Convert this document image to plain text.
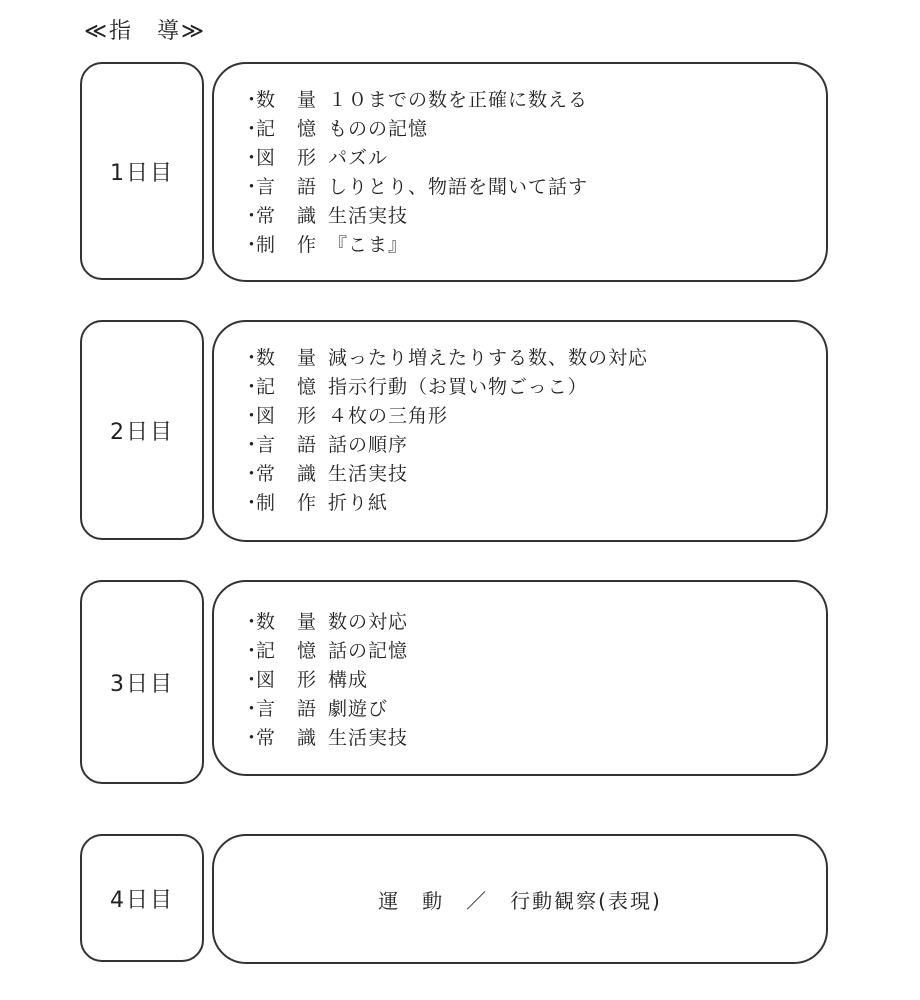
≪指　導≫
1日目
・
数量
１０までの数を正確に数える
・
記憶
ものの記憶
・
図形
パズル
・
言語
しりとり、物語を聞いて話す
・
常識
生活実技
・
制作
『こま』
2日目
・
数量
減ったり増えたりする数、数の対応
・
記憶
指示行動（お買い物ごっこ）
・
図形
４枚の三角形
・
言語
話の順序
・
常識
生活実技
・
制作
折り紙
3日目
・
数量
数の対応
・
記憶
話の記憶
・
図形
構成
・
言語
劇遊び
・
常識
生活実技
4日目	運　動　／　行動観察(表現)
